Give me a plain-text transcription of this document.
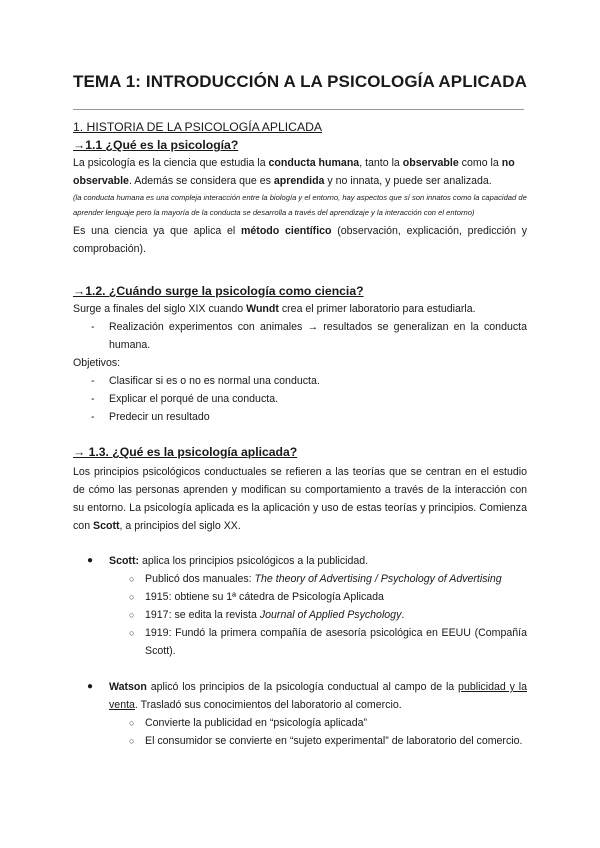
TEMA 1: INTRODUCCIÓN A LA PSICOLOGÍA APLICADA

1. HISTORIA DE LA PSICOLOGÍA APLICADA

→1.1 ¿Qué es la psicología?

La psicología es la ciencia que estudia la conducta humana, tanto la observable como la no observable. Además se considera que es aprendida y no innata, y puede ser analizada.

(la conducta humana es una compleja interacción entre la biología y el entorno, hay aspectos que sí son innatos como la capacidad de aprender lenguaje pero la mayoría de la conducta se desarrolla a través del aprendizaje y la interacción con el entorno)

Es una ciencia ya que aplica el método científico (observación, explicación, predicción y comprobación).

→1.2. ¿Cuándo surge la psicología como ciencia?

Surge a finales del siglo XIX cuando Wundt crea el primer laboratorio para estudiarla.

- Realización experimentos con animales → resultados se generalizan en la conducta humana.

Objetivos:

- Clasificar si es o no es normal una conducta.
- Explicar el porqué de una conducta.
- Predecir un resultado

→ 1.3. ¿Qué es la psicología aplicada?

Los principios psicológicos conductuales se refieren a las teorías que se centran en el estudio de cómo las personas aprenden y modifican su comportamiento a través de la interacción con su entorno. La psicología aplicada es la aplicación y uso de estas teorías y principios. Comienza con Scott, a principios del siglo XX.

● Scott: aplica los principios psicológicos a la publicidad.

○ Publicó dos manuales: The theory of Advertising / Psychology of Advertising

○ 1915: obtiene su 1ª cátedra de Psicología Aplicada

○ 1917: se edita la revista Journal of Applied Psychology.

○ 1919: Fundó la primera compañía de asesoría psicológica en EEUU (Compañía Scott).

● Watson aplicó los principios de la psicología conductual al campo de la publicidad y la venta. Trasladó sus conocimientos del laboratorio al comercio.

○ Convierte la publicidad en “psicología aplicada”

○ El consumidor se convierte en “sujeto experimental” de laboratorio del comercio.
